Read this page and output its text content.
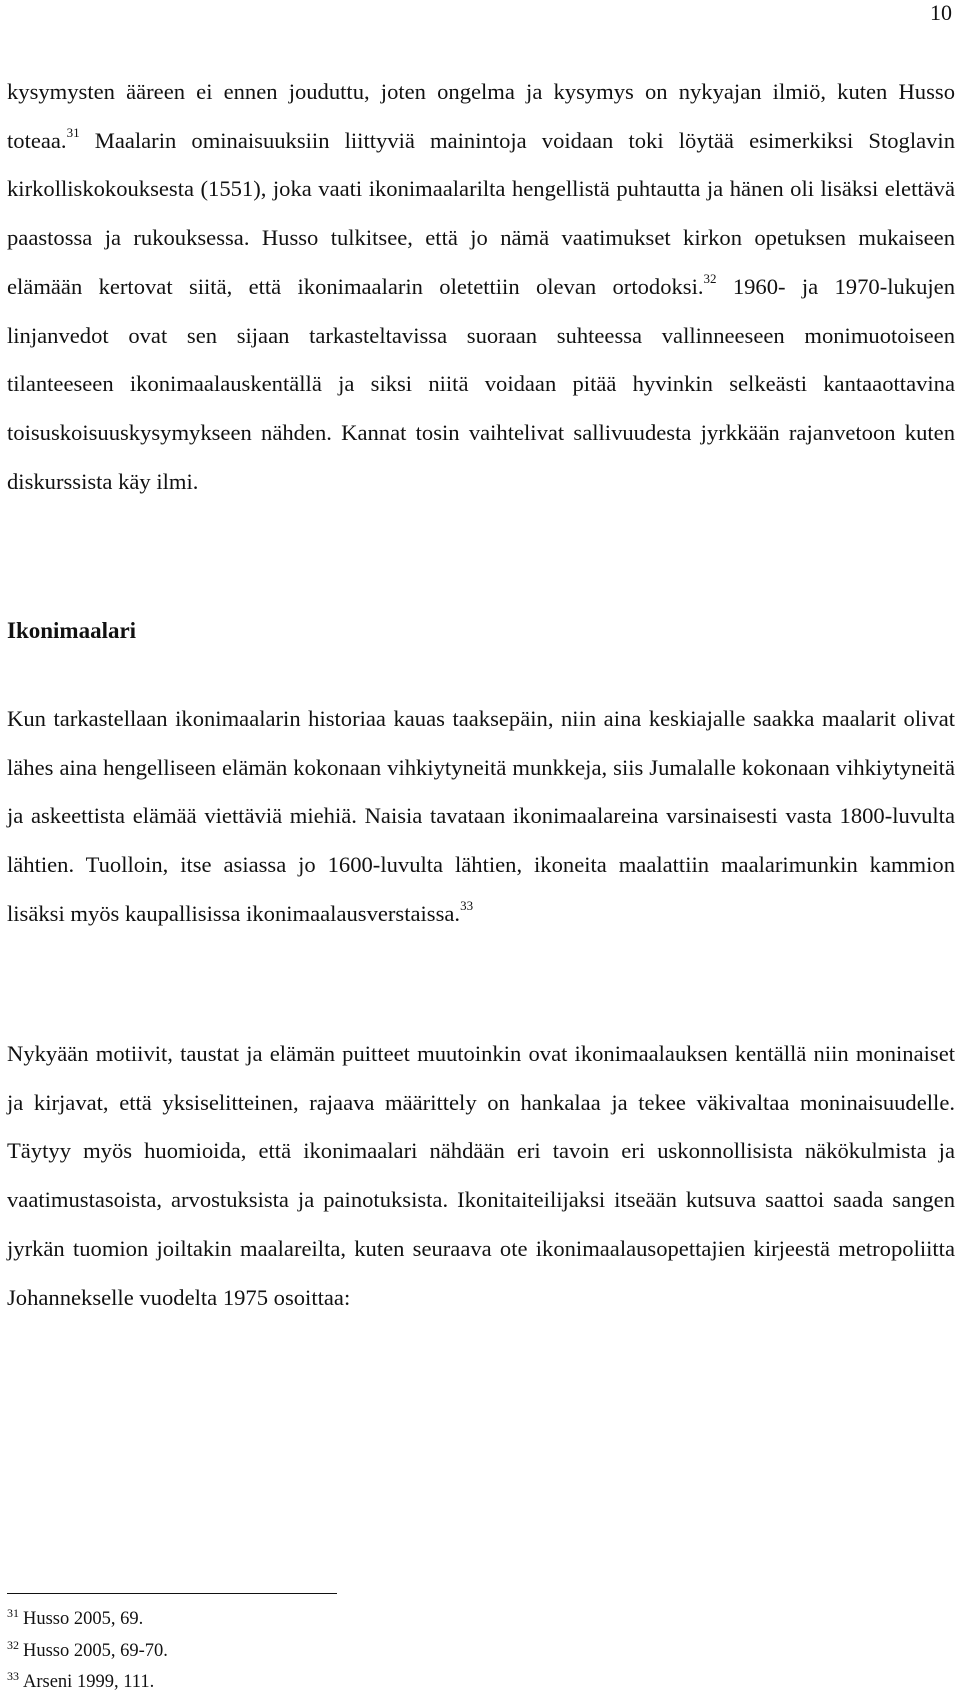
10

kysymysten ääreen ei ennen jouduttu, joten ongelma ja kysymys on nykyajan ilmiö, kuten Husso toteaa.$^{31}$ Maalarin ominaisuuksiin liittyviä mainintoja voidaan toki löytää esimerkiksi Stoglavin kirkolliskokouksesta (1551), joka vaati ikonimaalarilta hengellistä puhtautta ja hänen oli lisäksi elettävä paastossa ja rukouksessa. Husso tulkitsee, että jo nämä vaatimukset kirkon opetuksen mukaiseen elämään kertovat siitä, että ikonimaalarin oletettiin olevan ortodoksi.$^{32}$ 1960- ja 1970-lukujen linjanvedot ovat sen sijaan tarkasteltavissa suoraan suhteessa vallinneeseen monimuotoiseen tilanteeseen ikonimaalauskentällä ja siksi niitä voidaan pitää hyvinkin selkeästi kantaaottavina toisuskoisuuskysymykseen nähden. Kannat tosin vaihtelivat sallivuudesta jyrkkään rajanvetoon kuten diskurssista käy ilmi.

Ikonimaalari

Kun tarkastellaan ikonimaalarin historiaa kauas taaksepäin, niin aina keskiajalle saakka maalarit olivat lähes aina hengelliseen elämän kokonaan vihkiytyneitä munkkeja, siis Jumalalle kokonaan vihkiytyneitä ja askeettista elämää viettäviä miehiä. Naisia tavataan ikonimaalareina varsinaisesti vasta 1800-luvulta lähtien. Tuolloin, itse asiassa jo 1600-luvulta lähtien, ikoneita maalattiin maalarimunkin kammion lisäksi myös kaupallisissa ikonimaalausverstaissa.$^{33}$

Nykyään motiivit, taustat ja elämän puitteet muutoinkin ovat ikonimaalauksen kentällä niin moninaiset ja kirjavat, että yksiselitteinen, rajaava määrittely on hankalaa ja tekee väkivaltaa moninaisuudelle. Täytyy myös huomioida, että ikonimaalari nähdään eri tavoin eri uskonnollisista näkökulmista ja vaatimustasoista, arvostuksista ja painotuksista. Ikonitaiteilijaksi itseään kutsuva saattoi saada sangen jyrkän tuomion joiltakin maalareilta, kuten seuraava ote ikonimaalausopettajien kirjeestä metropoliitta Johannekselle vuodelta 1975 osoittaa:

$^{31}$ Husso 2005, 69.
$^{32}$ Husso 2005, 69-70.
$^{33}$ Arseni 1999, 111.
